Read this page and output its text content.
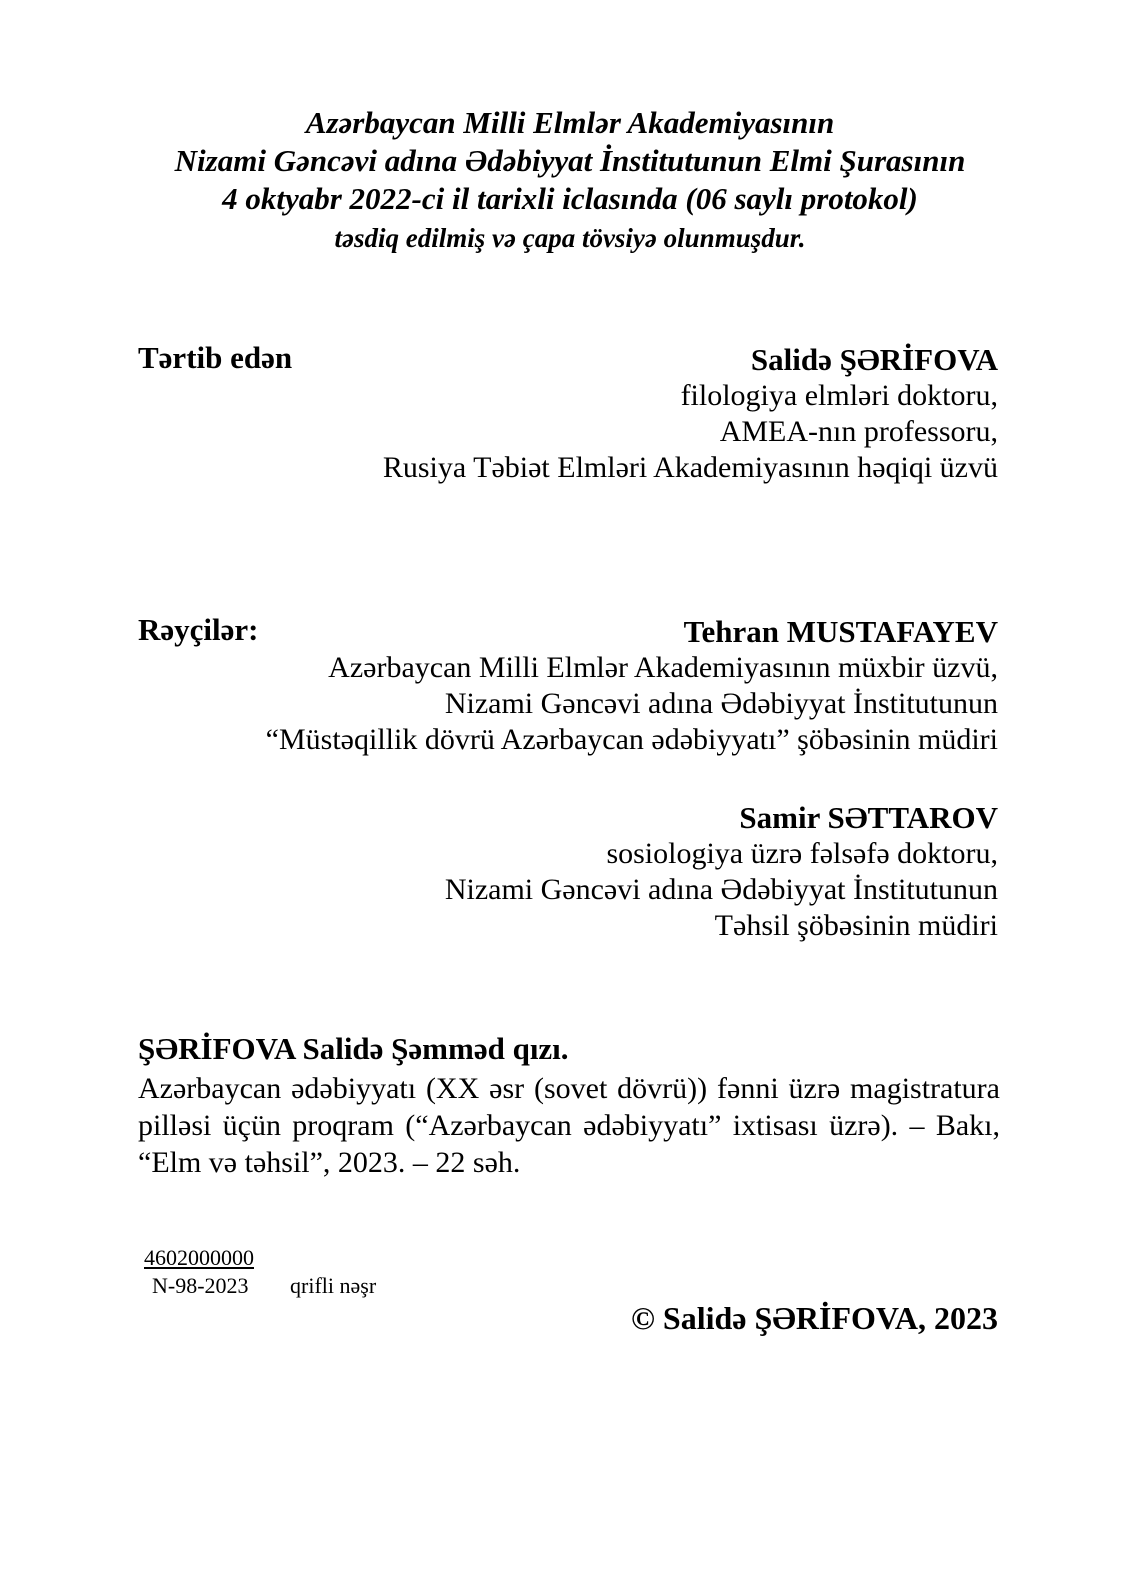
Azərbaycan Milli Elmlər Akademiyasının
Nizami Gəncəvi adına Ədəbiyyat İnstitutunun Elmi Şurasının
4 oktyabr 2022-ci il tarixli iclasında (06 saylı protokol)
təsdiq edilmiş və çapa tövsiyə olunmuşdur.
Tərtib edən	Salidə ŞƏRİFOVA
filologiya elmləri doktoru,
AMEA-nın professoru,
Rusiya Təbiət Elmləri Akademiyasının həqiqi üzvü
Rəyçilər:	Tehran MUSTAFAYEV
Azərbaycan Milli Elmlər Akademiyasının müxbir üzvü,
Nizami Gəncəvi adına Ədəbiyyat İnstitutunun
“Müstəqillik dövrü Azərbaycan ədəbiyyatı” şöbəsinin müdiri
Samir SƏTTAROV
sosiologiya üzrə fəlsəfə doktoru,
Nizami Gəncəvi adına Ədəbiyyat İnstitutunun
Təhsil şöbəsinin müdiri
ŞƏRİFOVA Salidə Şəmməd qızı.
Azərbaycan ədəbiyyatı (XX əsr (sovet dövrü)) fənni üzrə magistratura pilləsi üçün proqram (“Azərbaycan ədəbiyyatı” ixtisası üzrə). – Bakı, “Elm və təhsil”, 2023. – 22 səh.
4602000000
N-98-2023 qrifli nəşr
© Salidə ŞƏRİFOVA, 2023
